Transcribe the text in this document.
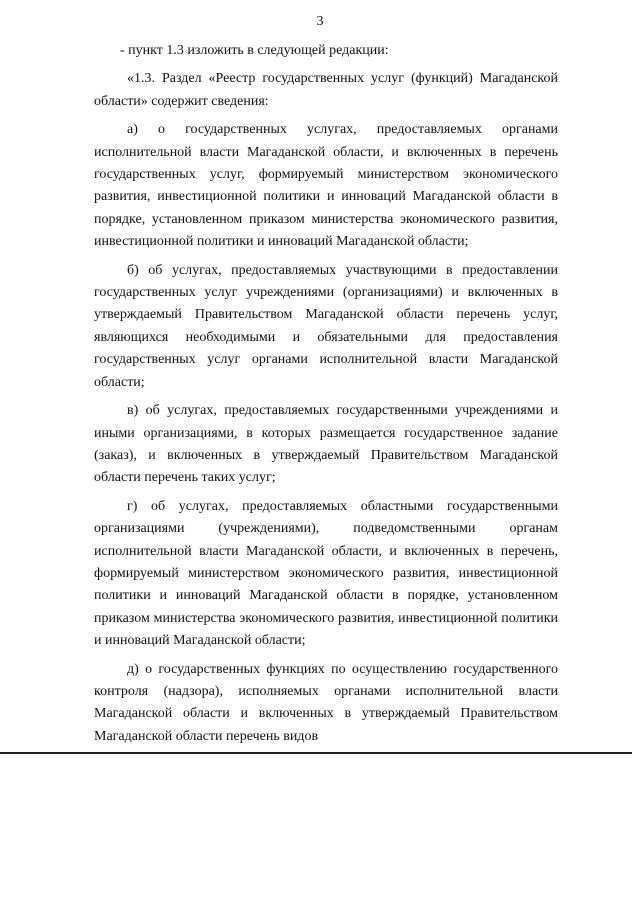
3

- пункт 1.3 изложить в следующей редакции:

«1.3. Раздел «Реестр государственных услуг (функций) Магаданской области» содержит сведения:

а) о государственных услугах, предоставляемых органами исполнительной власти Магаданской области, и включенных в перечень государственных услуг, формируемый министерством экономического развития, инвестиционной политики и инноваций Магаданской области в порядке, установленном приказом министерства экономического развития, инвестиционной политики и инноваций Магаданской области;

б) об услугах, предоставляемых участвующими в предоставлении государственных услуг учреждениями (организациями) и включенных в утверждаемый Правительством Магаданской области перечень услуг, являющихся необходимыми и обязательными для предоставления государственных услуг органами исполнительной власти Магаданской области;

в) об услугах, предоставляемых государственными учреждениями и иными организациями, в которых размещается государственное задание (заказ), и включенных в утверждаемый Правительством Магаданской области перечень таких услуг;

г) об услугах, предоставляемых областными государственными организациями (учреждениями), подведомственными органам исполнительной власти Магаданской области, и включенных в перечень, формируемый министерством экономического развития, инвестиционной политики и инноваций Магаданской области в порядке, установленном приказом министерства экономического развития, инвестиционной политики и инноваций Магаданской области;

д) о государственных функциях по осуществлению государственного контроля (надзора), исполняемых органами исполнительной власти Магаданской области и включенных в утверждаемый Правительством Магаданской области перечень видов
